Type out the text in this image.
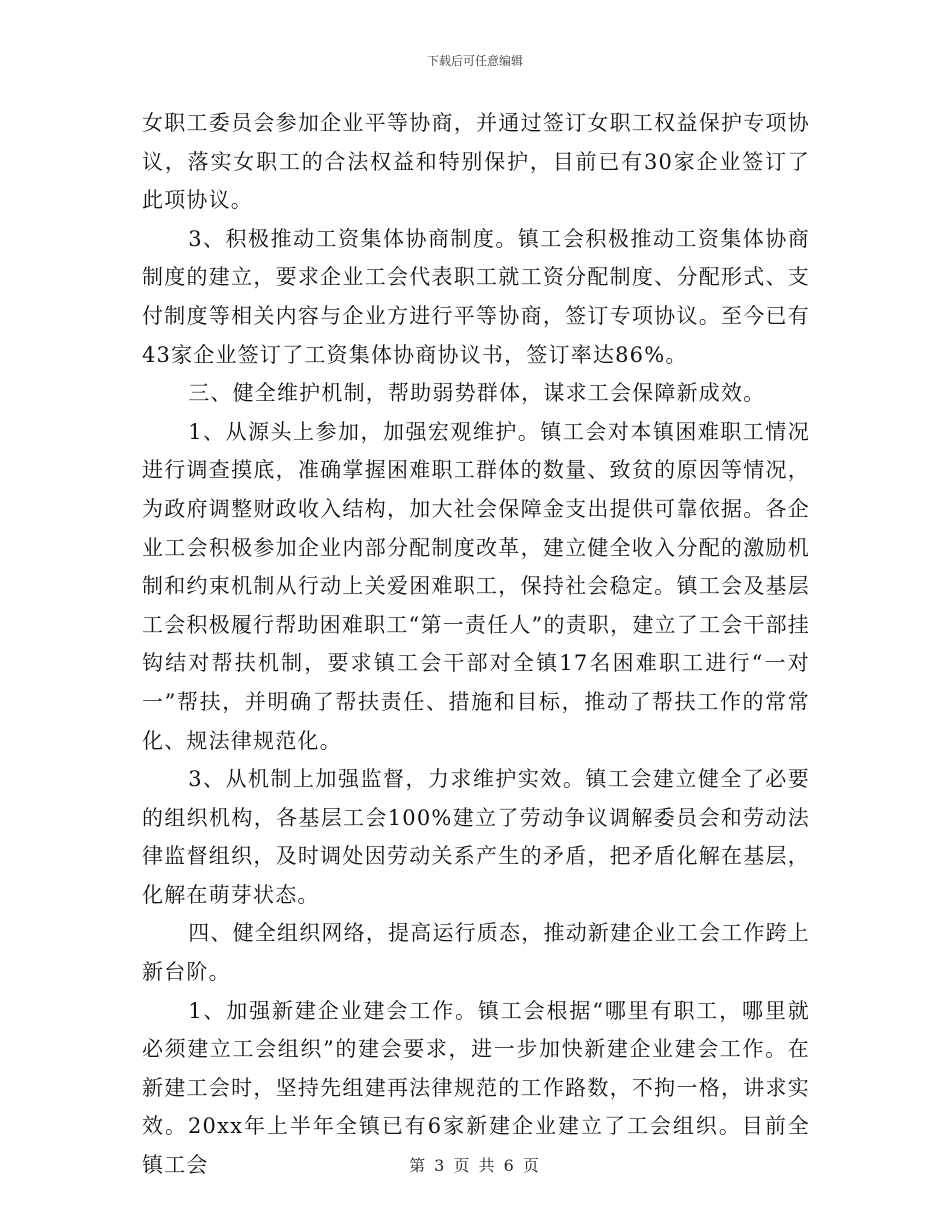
下载后可任意编辑

女职工委员会参加企业平等协商，并通过签订女职工权益保护专项协议，落实女职工的合法权益和特别保护，目前已有30家企业签订了此项协议。

3、积极推动工资集体协商制度。镇工会积极推动工资集体协商制度的建立，要求企业工会代表职工就工资分配制度、分配形式、支付制度等相关内容与企业方进行平等协商，签订专项协议。至今已有43家企业签订了工资集体协商协议书，签订率达86%。

三、健全维护机制，帮助弱势群体，谋求工会保障新成效。

1、从源头上参加，加强宏观维护。镇工会对本镇困难职工情况进行调查摸底，准确掌握困难职工群体的数量、致贫的原因等情况，为政府调整财政收入结构，加大社会保障金支出提供可靠依据。各企业工会积极参加企业内部分配制度改革，建立健全收入分配的激励机制和约束机制从行动上关爱困难职工，保持社会稳定。镇工会及基层工会积极履行帮助困难职工“第一责任人”的责职，建立了工会干部挂钩结对帮扶机制，要求镇工会干部对全镇17名困难职工进行“一对一”帮扶，并明确了帮扶责任、措施和目标，推动了帮扶工作的常常化、规法律规范化。

3、从机制上加强监督，力求维护实效。镇工会建立健全了必要的组织机构，各基层工会100%建立了劳动争议调解委员会和劳动法律监督组织，及时调处因劳动关系产生的矛盾，把矛盾化解在基层，化解在萌芽状态。

四、健全组织网络，提高运行质态，推动新建企业工会工作跨上新台阶。

1、加强新建企业建会工作。镇工会根据“哪里有职工，哪里就必须建立工会组织”的建会要求，进一步加快新建企业建会工作。在新建工会时，坚持先组建再法律规范的工作路数，不拘一格，讲求实效。20xx年上半年全镇已有6家新建企业建立了工会组织。目前全镇工会	第 3 页 共 6 页
